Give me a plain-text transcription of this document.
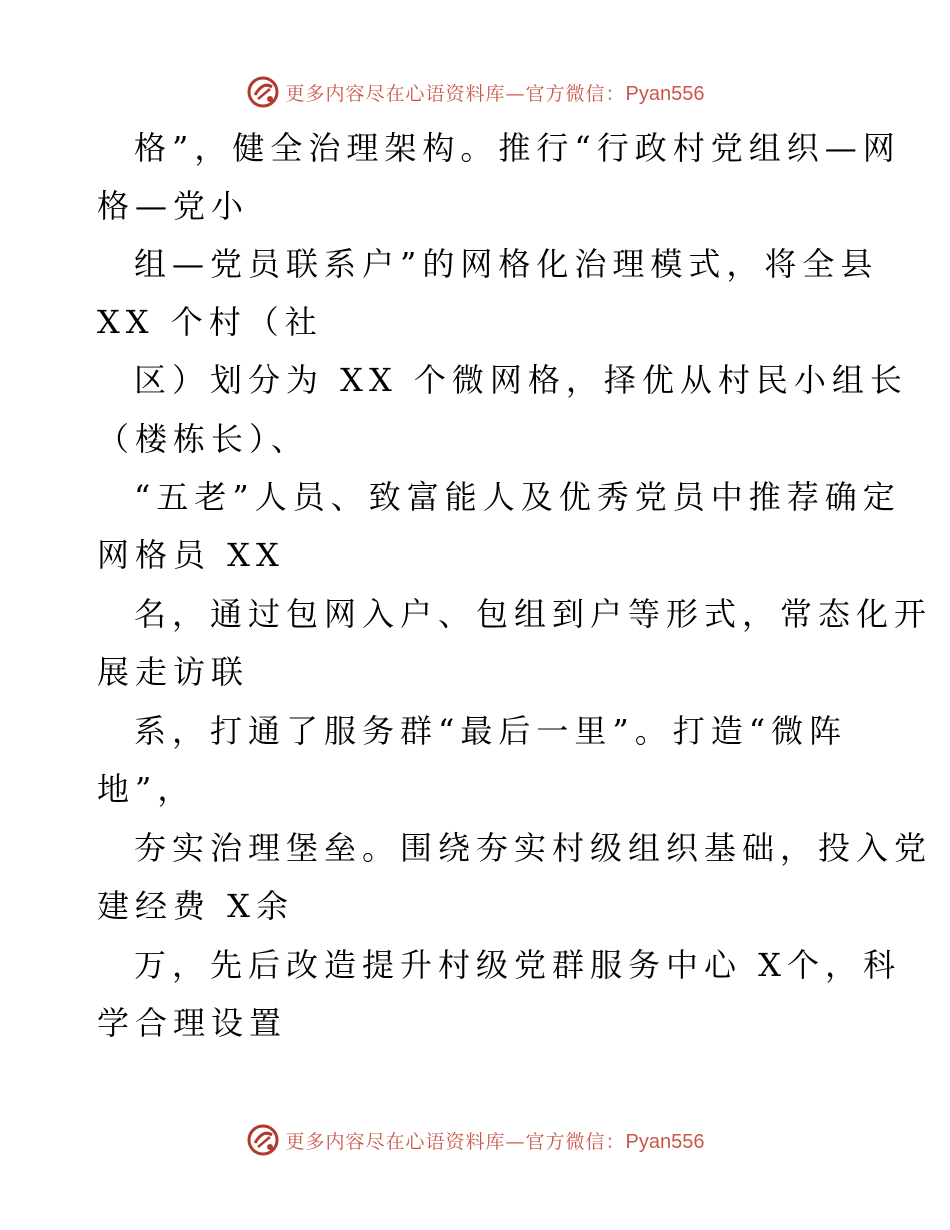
更多内容尽在心语资料库—官方微信：Pyan556

格”，健全治理架构。推行“行政村党组织—网

格—党小

组—党员联系户”的网格化治理模式，将全县

XX 个村（社

区）划分为 XX 个微网格，择优从村民小组长

（楼栋长）、

“五老”人员、致富能人及优秀党员中推荐确定

网格员 XX

名，通过包网入户、包组到户等形式，常态化开

展走访联

系，打通了服务群“最后一里”。打造“微阵

地”，

夯实治理堡垒。围绕夯实村级组织基础，投入党

建经费 X余

万，先后改造提升村级党群服务中心 X个，科

学合理设置

更多内容尽在心语资料库—官方微信：Pyan556
